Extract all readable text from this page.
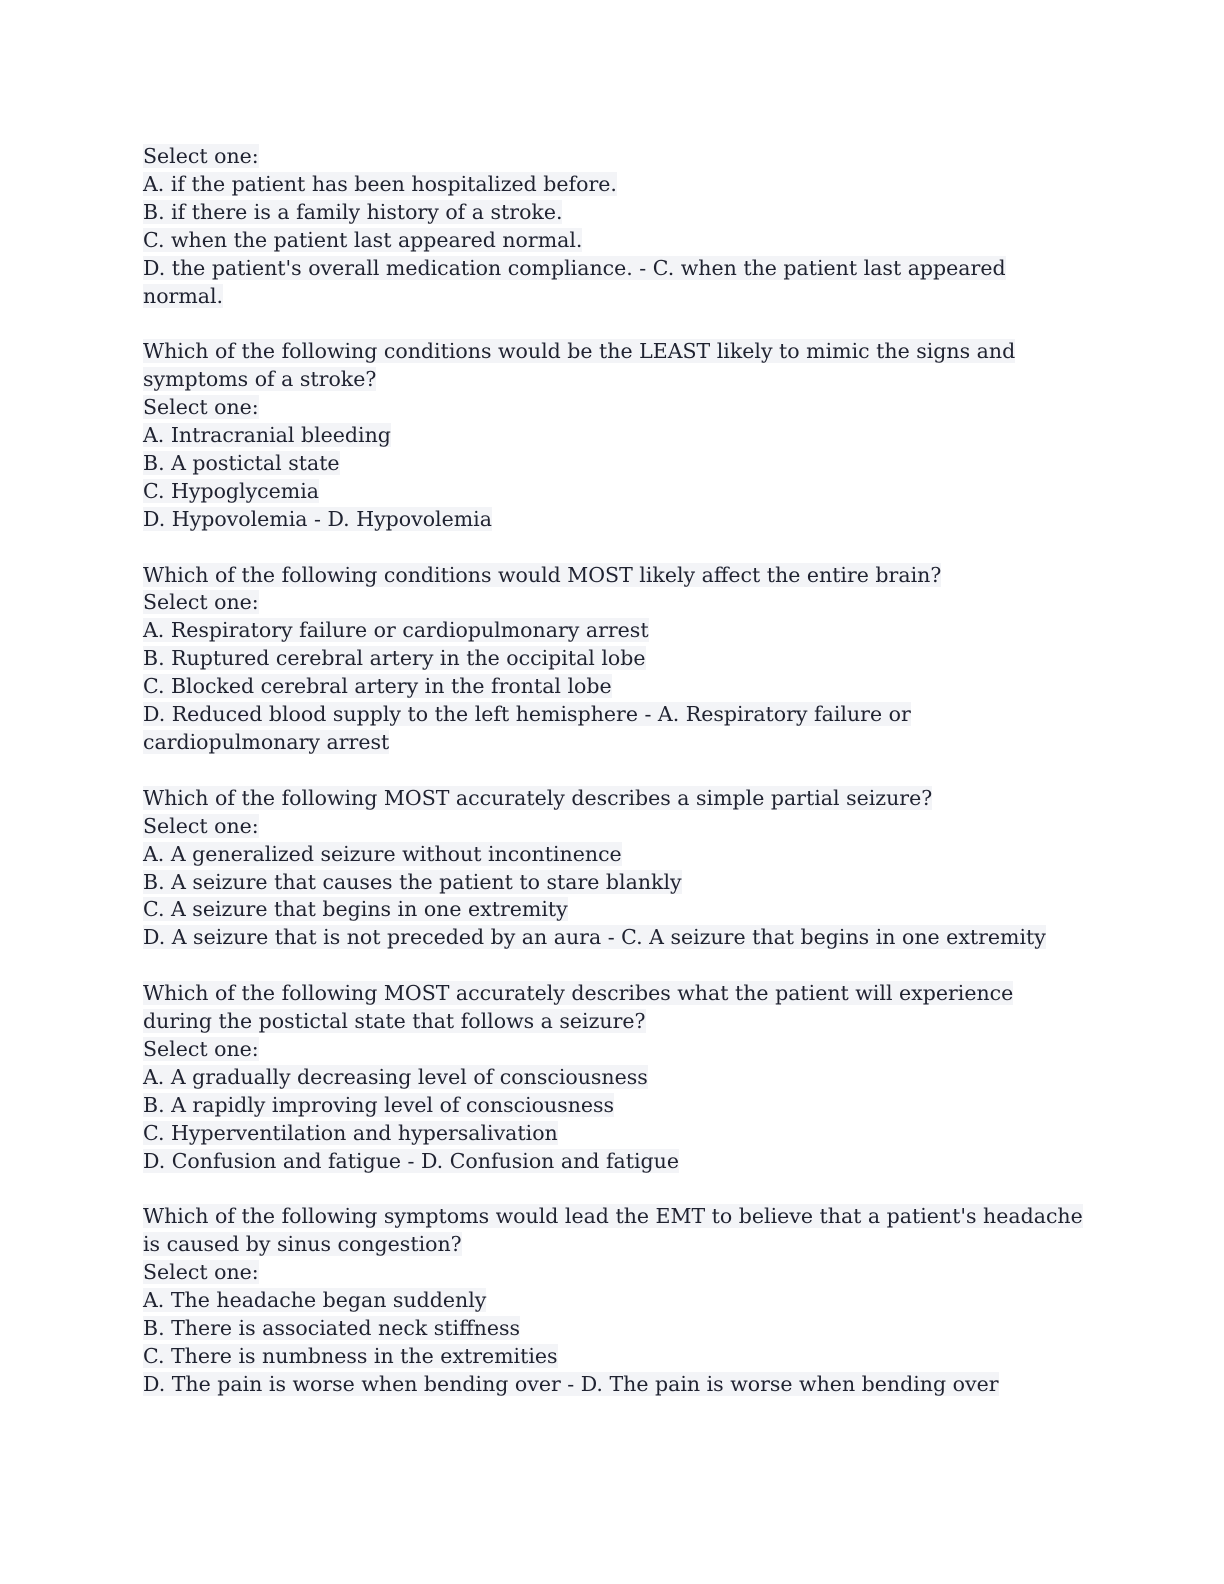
Select one:
A. if the patient has been hospitalized before.
B. if there is a family history of a stroke.
C. when the patient last appeared normal.
D. the patient's overall medication compliance. - C. when the patient last appeared normal.
Which of the following conditions would be the LEAST likely to mimic the signs and symptoms of a stroke?
Select one:
A. Intracranial bleeding
B. A postictal state
C. Hypoglycemia
D. Hypovolemia - D. Hypovolemia
Which of the following conditions would MOST likely affect the entire brain?
Select one:
A. Respiratory failure or cardiopulmonary arrest
B. Ruptured cerebral artery in the occipital lobe
C. Blocked cerebral artery in the frontal lobe
D. Reduced blood supply to the left hemisphere - A. Respiratory failure or cardiopulmonary arrest
Which of the following MOST accurately describes a simple partial seizure?
Select one:
A. A generalized seizure without incontinence
B. A seizure that causes the patient to stare blankly
C. A seizure that begins in one extremity
D. A seizure that is not preceded by an aura - C. A seizure that begins in one extremity
Which of the following MOST accurately describes what the patient will experience during the postictal state that follows a seizure?
Select one:
A. A gradually decreasing level of consciousness
B. A rapidly improving level of consciousness
C. Hyperventilation and hypersalivation
D. Confusion and fatigue - D. Confusion and fatigue
Which of the following symptoms would lead the EMT to believe that a patient's headache is caused by sinus congestion?
Select one:
A. The headache began suddenly
B. There is associated neck stiffness
C. There is numbness in the extremities
D. The pain is worse when bending over - D. The pain is worse when bending over
